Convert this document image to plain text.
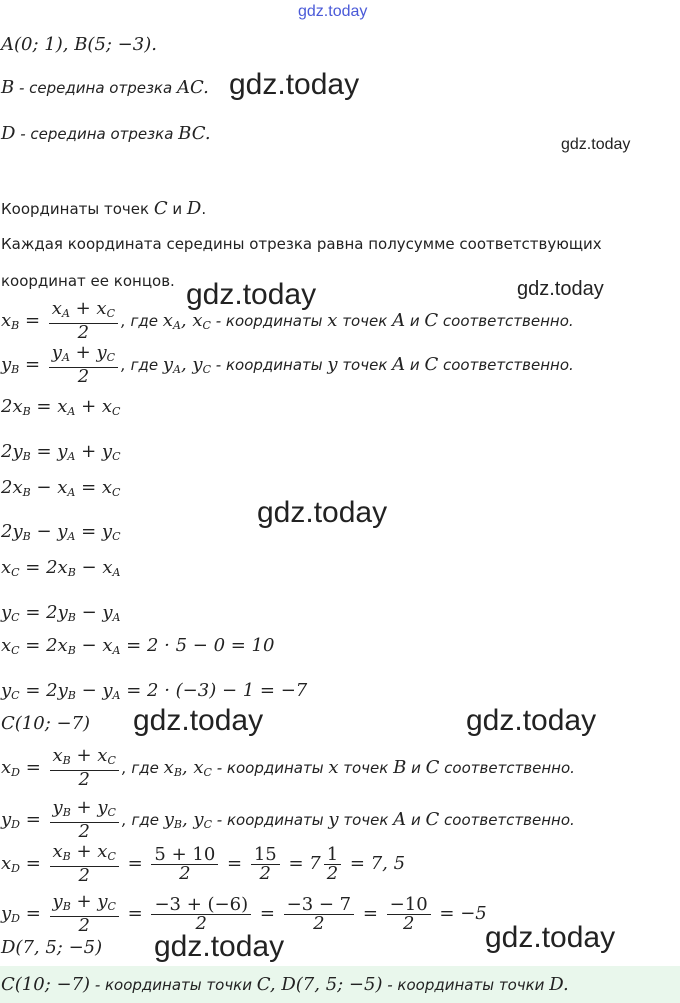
gdz.today
A(0; 1), B(5; −3).
B - середина отрезка AC. gdz.today
D - середина отрезка BC.
gdz.today
Координаты точек C и D.
Каждая координата середины отрезка равна полусумме соответствующих
координат ее концов. gdz.today	gdz.today
$x_B = \frac{x_A + x_C}{2}$ , где $x_A$, $x_C$ - координаты x точек A и C соответственно.
$y_B = \frac{y_A + y_C}{2}$ , где $y_A$, $y_C$ - координаты y точек A и C соответственно.
$2x_B = x_A + x_C$
$2y_B = y_A + y_C$
$2x_B - x_A = x_C$
gdz.today
$2y_B - y_A = y_C$
$x_C = 2x_B - x_A$
$y_C = 2y_B - y_A$
$x_C = 2x_B - x_A = 2 \cdot 5 - 0 = 10$
$y_C = 2y_B - y_A = 2 \cdot (-3) - 1 = -7$
C(10; −7) gdz.today	gdz.today
$x_D = \frac{x_B + x_C}{2}$ , где $x_B$, $x_C$ - координаты x точек B и C соответственно.
$y_D = \frac{y_B + y_C}{2}$ , где $y_B$, $y_C$ - координаты y точек A и C соответственно.
$x_D = \frac{x_B + x_C}{2} = \frac{5 + 10}{2} = \frac{15}{2} = 7 \frac{1}{2} = 7$, 5
$y_D = \frac{y_B + y_C}{2} = \frac{-3 + (-6)}{2} = \frac{-3 - 7}{2} = \frac{-10}{2} = -5$
D(7, 5; −5) gdz.today	gdz.today
C(10; −7) - координаты точки C, D(7, 5; −5) - координаты точки D.
